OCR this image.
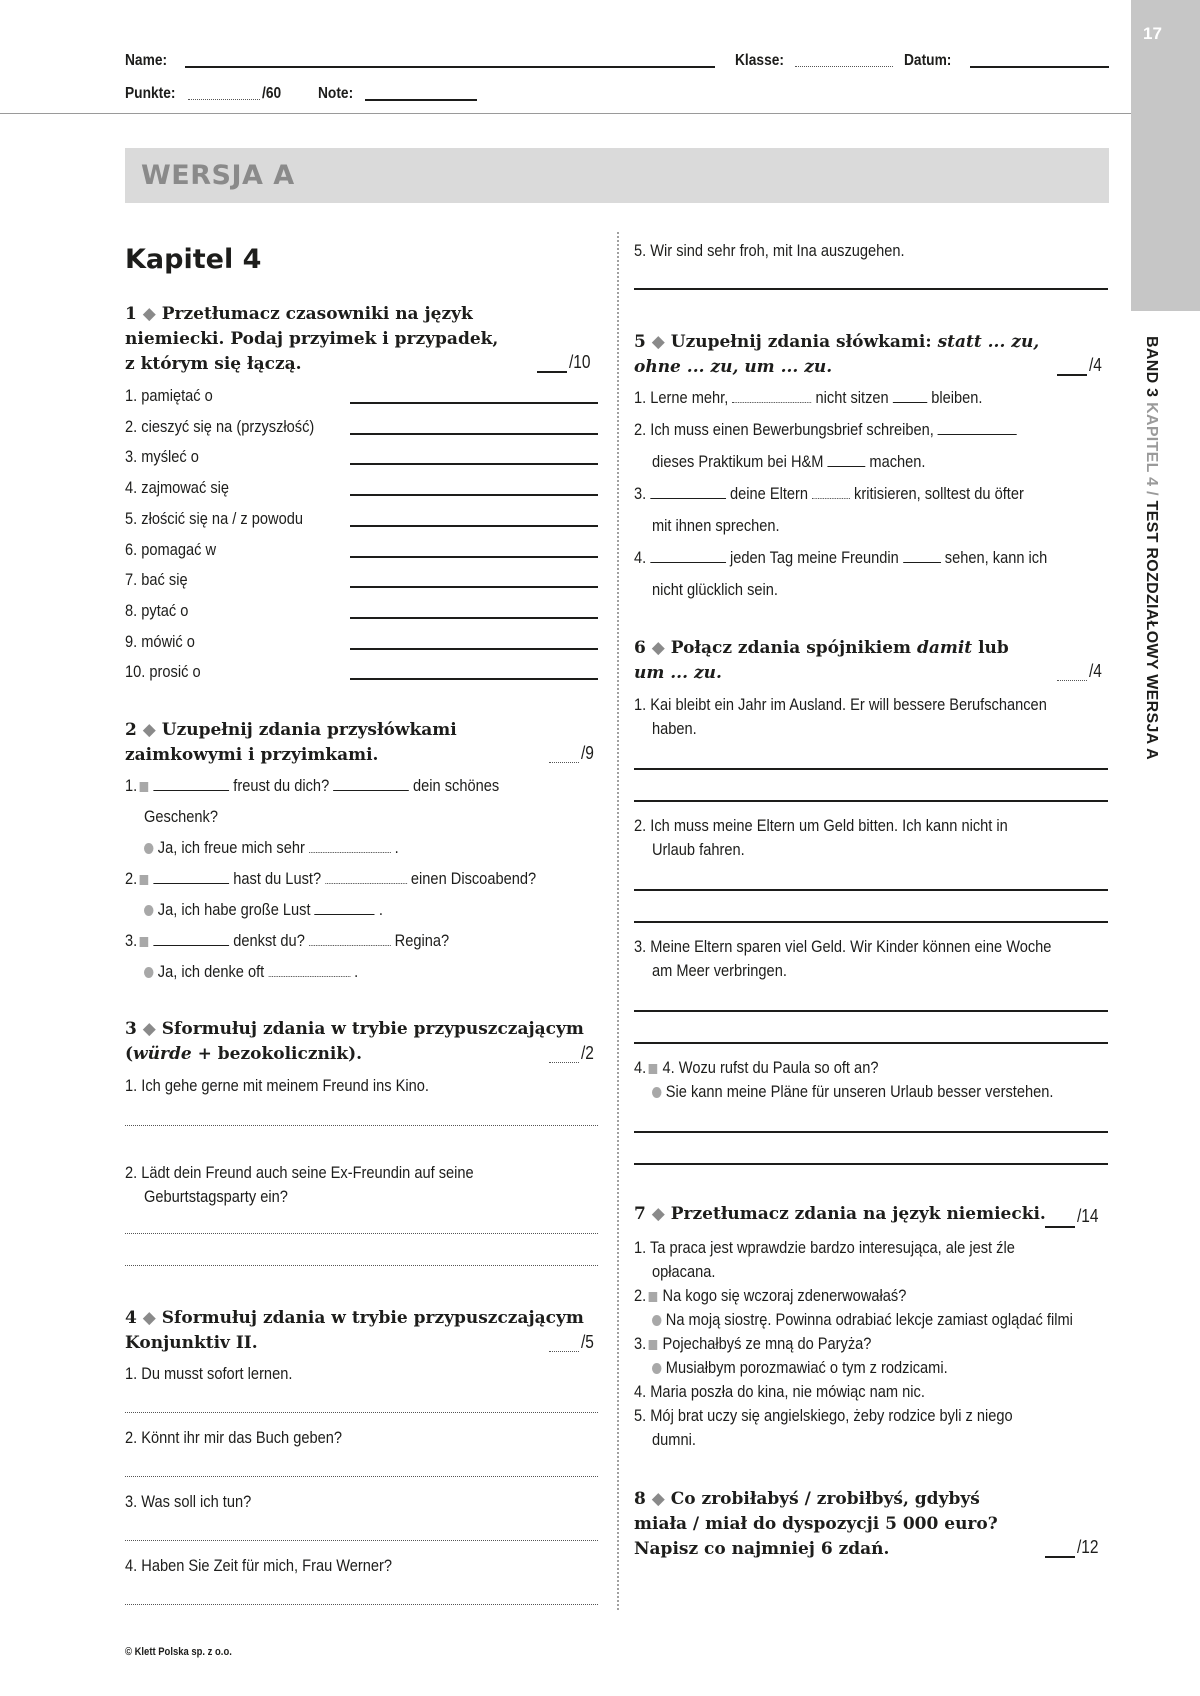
17
BAND 3 KAPITEL 4 / TEST ROZDZIAŁOWY WERSJA A
Name:	Klasse:	Datum:
Punkte:	/60 Note:
WERSJA A
Kapitel 4
1 ◆ Przetłumacz czasowniki na język
niemiecki. Podaj przyimek i przypadek,
z którym się łączą.	/10
1. pamiętać o
2. cieszyć się na (przyszłość)
3. myśleć o
4. zajmować się
5. złościć się na / z powodu
6. pomagać w
7. bać się
8. pytać o
9. mówić o
10. prosić o
2 ◆ Uzupełnij zdania przysłówkami
zaimkowymi i przyimkami.	/9
1.	freust du dich?	dein schönes
Geschenk?
Ja, ich freue mich sehr	.
2.	hast du Lust?	einen Discoabend?
Ja, ich habe große Lust	.
3.	denkst du?	Regina?
Ja, ich denke oft	.
3 ◆ Sformułuj zdania w trybie przypuszczającym
(würde + bezokolicznik).	/2
1. Ich gehe gerne mit meinem Freund ins Kino.
2. Lädt dein Freund auch seine Ex-Freundin auf seine
Geburtstagsparty ein?
4 ◆ Sformułuj zdania w trybie przypuszczającym
Konjunktiv II.	/5
1. Du musst sofort lernen.
2. Könnt ihr mir das Buch geben?
3. Was soll ich tun?
4. Haben Sie Zeit für mich, Frau Werner?
5. Wir sind sehr froh, mit Ina auszugehen.
5 ◆ Uzupełnij zdania słówkami: statt ... zu,
ohne ... zu, um ... zu.	/4
1. Lerne mehr,	nicht sitzen	bleiben.
2. Ich muss einen Bewerbungsbrief schreiben,
dieses Praktikum bei H&M	machen.
3.	deine Eltern	kritisieren, solltest du öfter
mit ihnen sprechen.
4.	jeden Tag meine Freundin	sehen, kann ich
nicht glücklich sein.
6 ◆ Połącz zdania spójnikiem damit lub
um ... zu.	/4
1. Kai bleibt ein Jahr im Ausland. Er will bessere Berufschancen
haben.
2. Ich muss meine Eltern um Geld bitten. Ich kann nicht in
Urlaub fahren.
3. Meine Eltern sparen viel Geld. Wir Kinder können eine Woche
am Meer verbringen.
4. 4. Wozu rufst du Paula so oft an?
Sie kann meine Pläne für unseren Urlaub besser verstehen.
7 ◆ Przetłumacz zdania na język niemiecki. /14
1. Ta praca jest wprawdzie bardzo interesująca, ale jest źle
opłacana.
2. Na kogo się wczoraj zdenerwowałaś?
Na moją siostrę. Powinna odrabiać lekcje zamiast oglądać filmi
3. Pojechałbyś ze mną do Paryża?
Musiałbym porozmawiać o tym z rodzicami.
4. Maria poszła do kina, nie mówiąc nam nic.
5. Mój brat uczy się angielskiego, żeby rodzice byli z niego
dumni.
8 ◆ Co zrobiłabyś / zrobiłbyś, gdybyś
miała / miał do dyspozycji 5 000 euro?
Napisz co najmniej 6 zdań.	/12
© Klett Polska sp. z o.o.
